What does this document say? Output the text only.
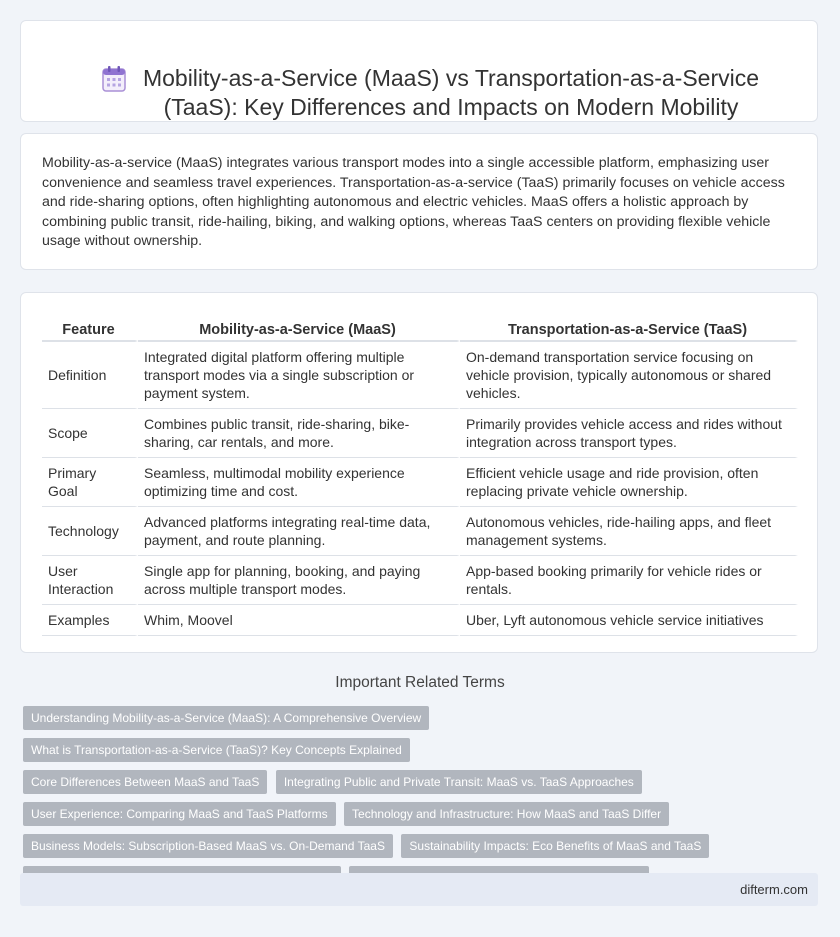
Mobility-as-a-Service (MaaS) vs Transportation-as-a-Service (TaaS): Key Differences and Impacts on Modern Mobility

Mobility-as-a-service (MaaS) integrates various transport modes into a single accessible platform, emphasizing user convenience and seamless travel experiences. Transportation-as-a-service (TaaS) primarily focuses on vehicle access and ride-sharing options, often highlighting autonomous and electric vehicles. MaaS offers a holistic approach by combining public transit, ride-hailing, biking, and walking options, whereas TaaS centers on providing flexible vehicle usage without ownership.

Feature	Mobility-as-a-Service (MaaS)	Transportation-as-a-Service (TaaS)
Definition	Integrated digital platform offering multiple transport modes via a single subscription or payment system.	On-demand transportation service focusing on vehicle provision, typically autonomous or shared vehicles.
Scope	Combines public transit, ride-sharing, bike-sharing, car rentals, and more.	Primarily provides vehicle access and rides without integration across transport types.
Primary Goal	Seamless, multimodal mobility experience optimizing time and cost.	Efficient vehicle usage and ride provision, often replacing private vehicle ownership.
Technology	Advanced platforms integrating real-time data, payment, and route planning.	Autonomous vehicles, ride-hailing apps, and fleet management systems.
User Interaction	Single app for planning, booking, and paying across multiple transport modes.	App-based booking primarily for vehicle rides or rentals.
Examples	Whim, Moovel	Uber, Lyft autonomous vehicle service initiatives
Important Related Terms
Understanding Mobility-as-a-Service (MaaS): A Comprehensive Overview What is Transportation-as-a-Service (TaaS)? Key Concepts Explained
Core Differences Between MaaS and TaaS Integrating Public and Private Transit: MaaS vs. TaaS Approaches
User Experience: Comparing MaaS and TaaS Platforms Technology and Infrastructure: How MaaS and TaaS Differ
Business Models: Subscription-Based MaaS vs. On-Demand TaaS Sustainability Impacts: Eco Benefits of MaaS and TaaS

difterm.com
